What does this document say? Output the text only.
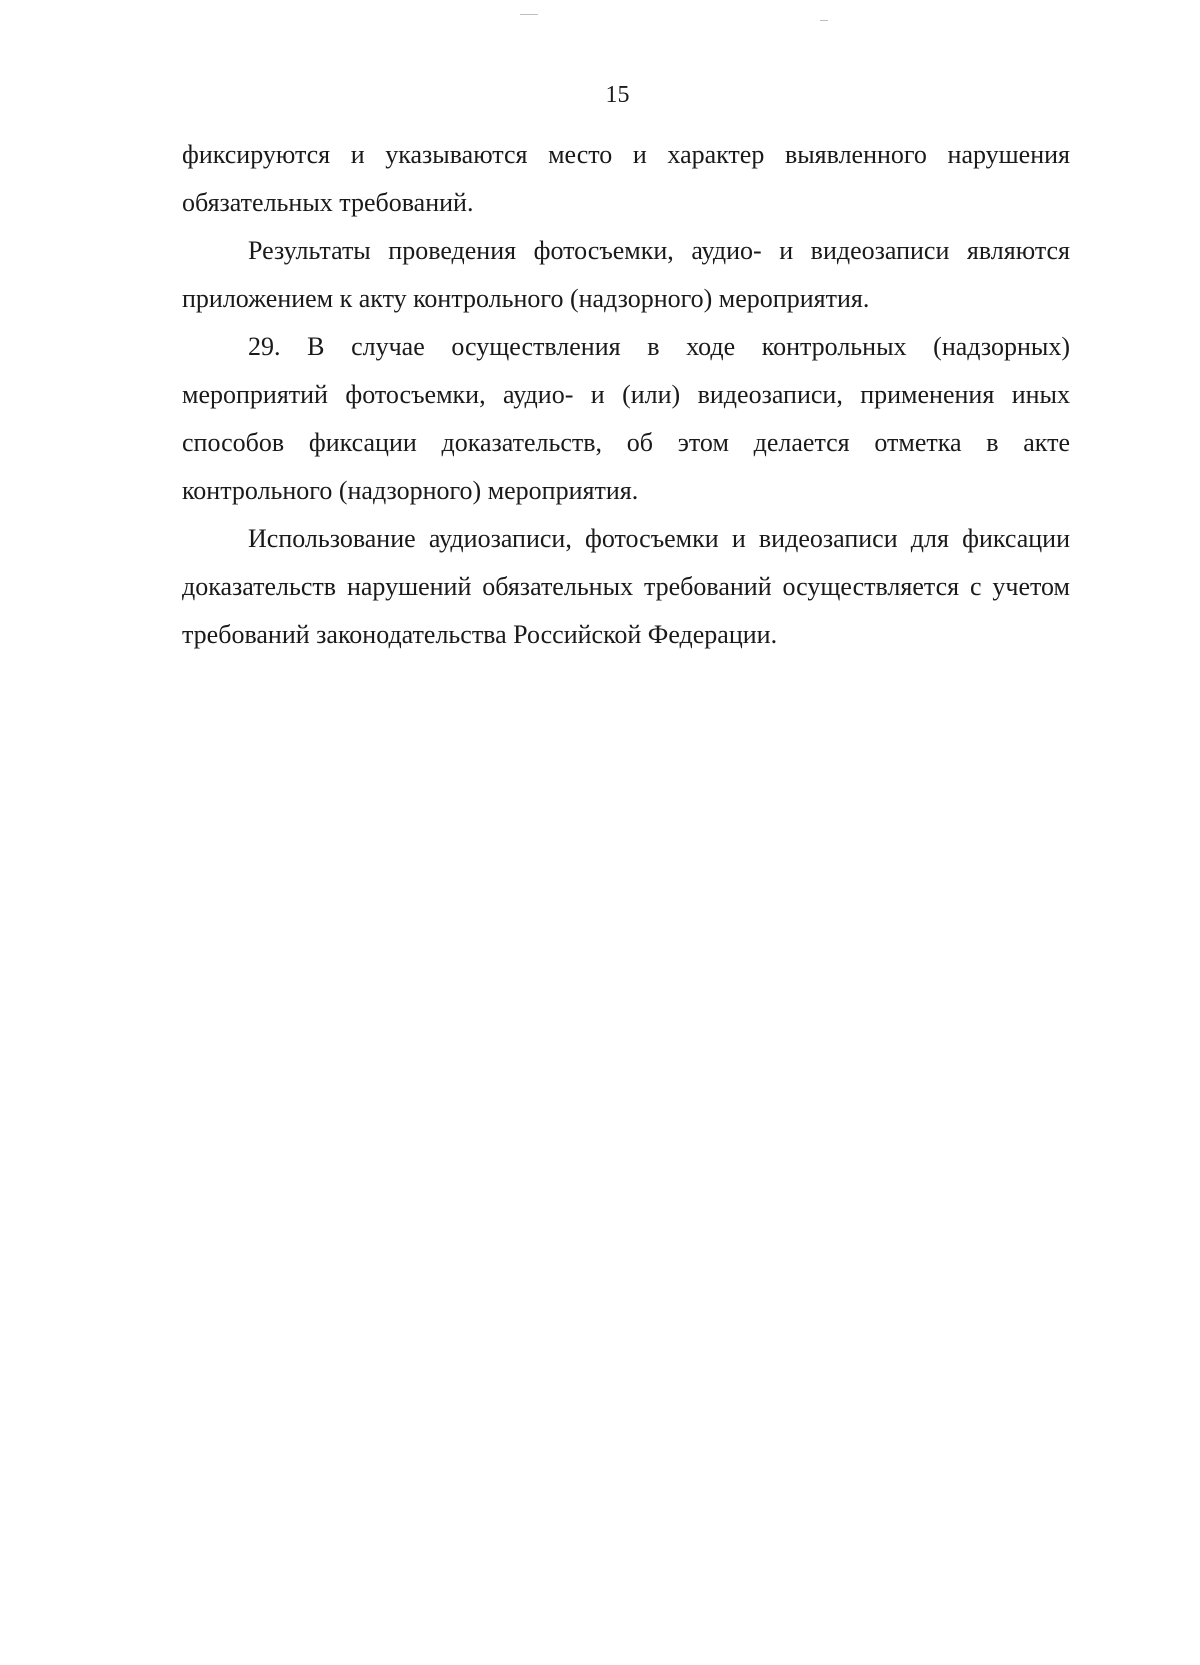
15

фиксируются и указываются место и характер выявленного нарушения обязательных требований.

Результаты проведения фотосъемки, аудио- и видеозаписи являются приложением к акту контрольного (надзорного) мероприятия.

29. В случае осуществления в ходе контрольных (надзорных) мероприятий фотосъемки, аудио- и (или) видеозаписи, применения иных способов фиксации доказательств, об этом делается отметка в акте контрольного (надзорного) мероприятия.

Использование аудиозаписи, фотосъемки и видеозаписи для фиксации доказательств нарушений обязательных требований осуществляется с учетом требований законодательства Российской Федерации.
